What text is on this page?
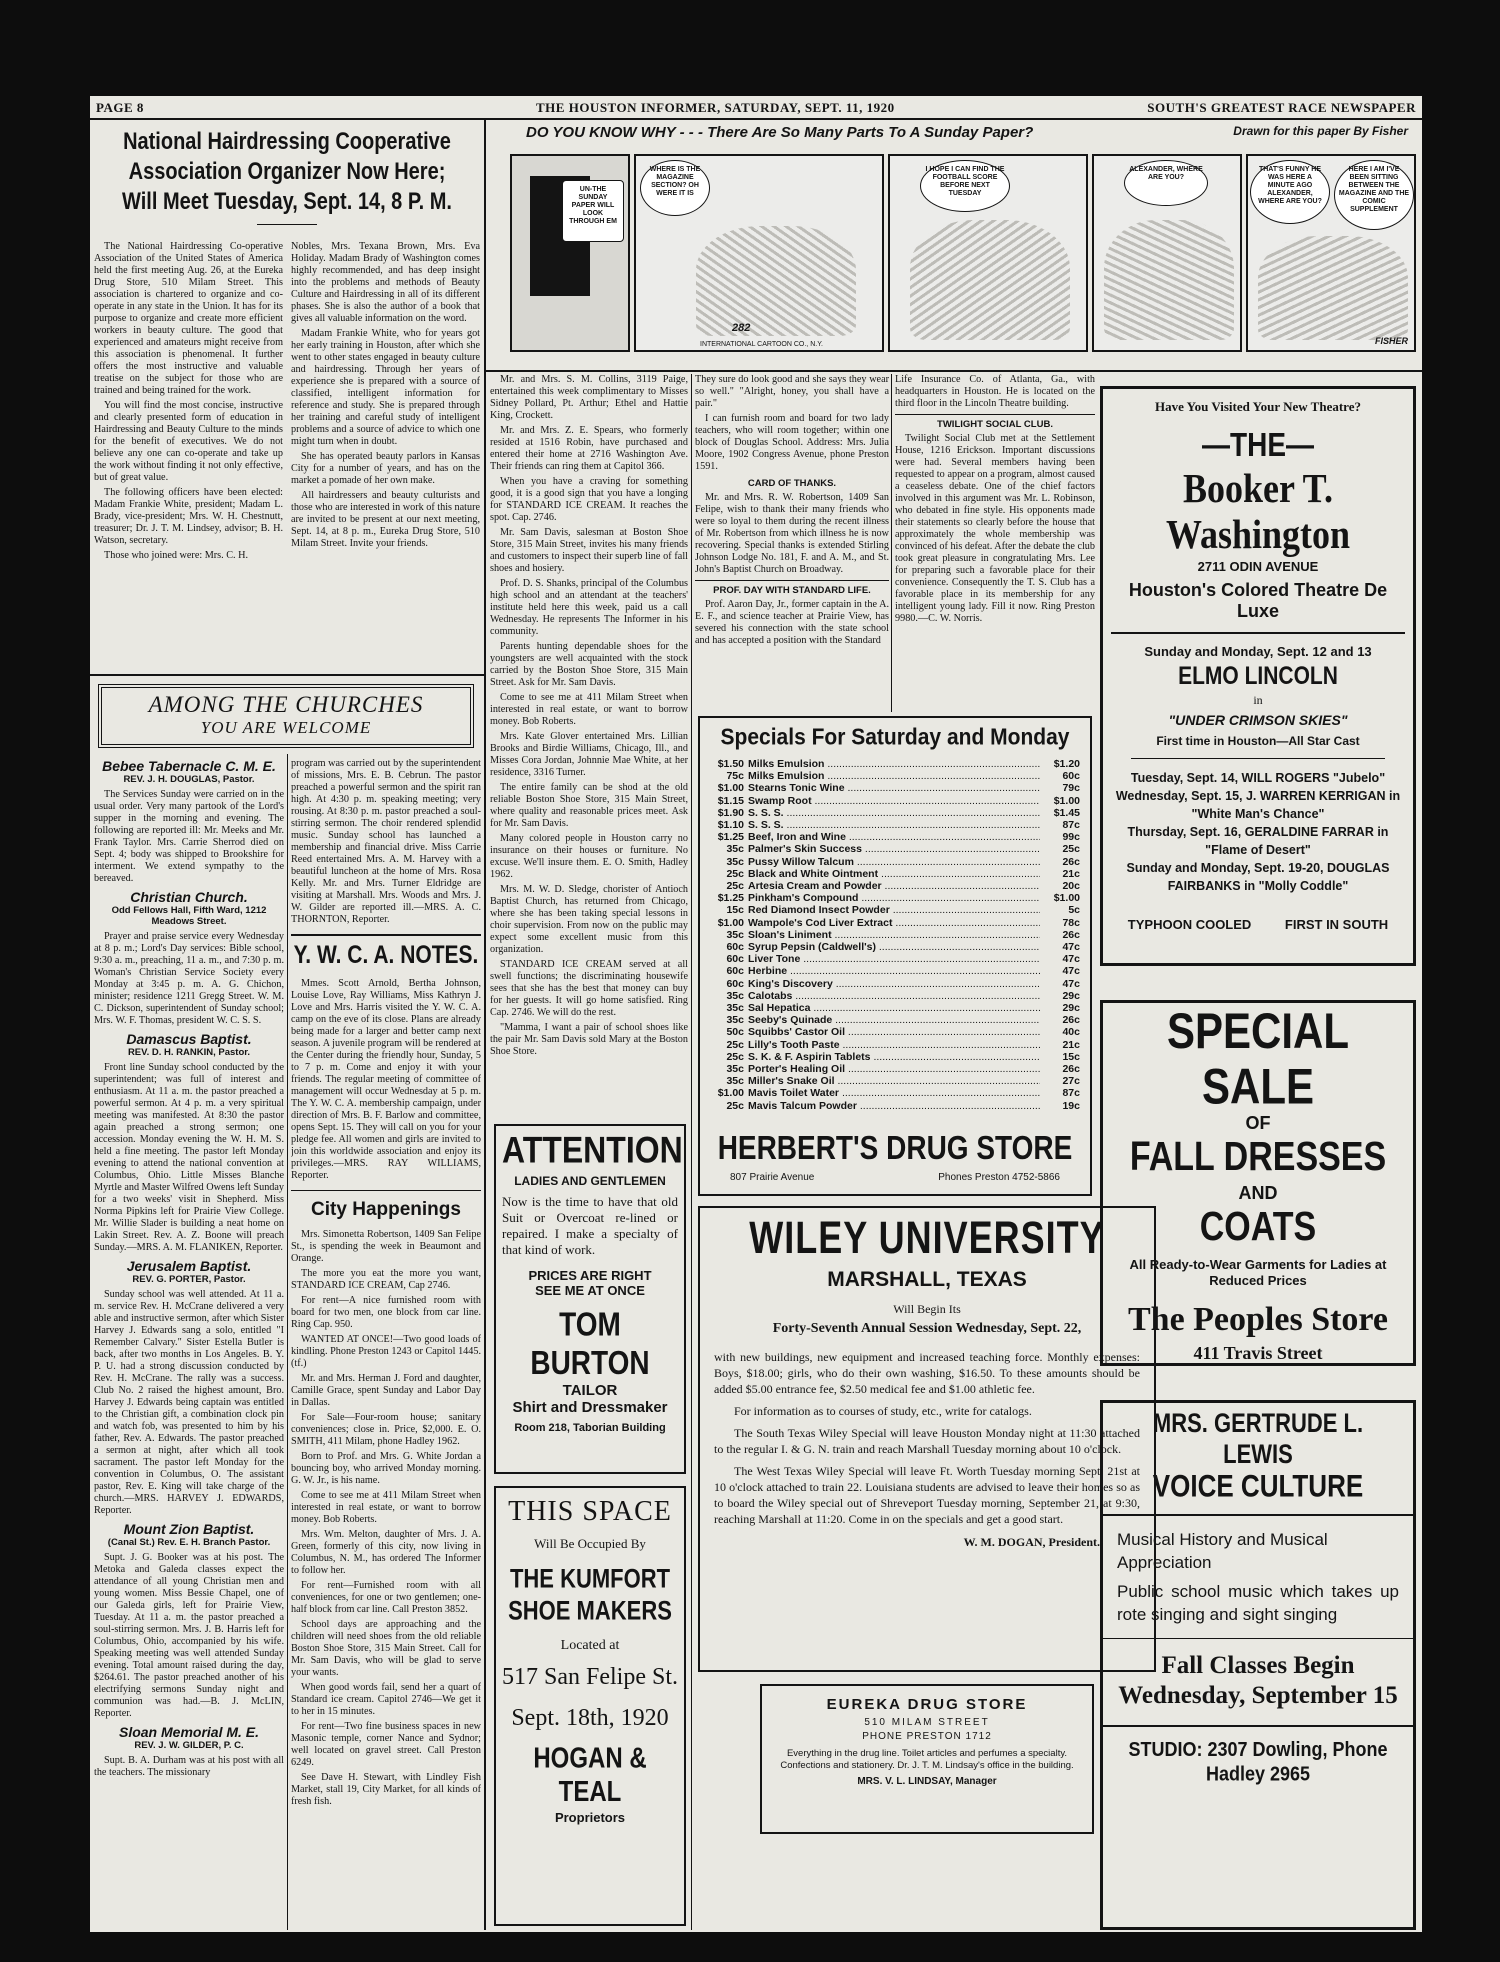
PAGE 8	THE HOUSTON INFORMER, SATURDAY, SEPT. 11, 1920	SOUTH'S GREATEST RACE NEWSPAPER
National Hairdressing Cooperative
Association Organizer Now Here;
Will Meet Tuesday, Sept. 14, 8 P. M.

The National Hairdressing Co-operative Association of the United States of America held the first meeting Aug. 26, at the Eureka Drug Store, 510 Milam Street. This association is chartered to organize and co-operate in any state in the Union. It has for its purpose to organize and create more efficient workers in beauty culture. The good that experienced and amateurs might receive from this association is phenomenal. It further offers the most instructive and valuable treatise on the subject for those who are trained and being trained for the work.

You will find the most concise, instructive and clearly presented form of education in Hairdressing and Beauty Culture to the minds for the benefit of executives. We do not believe any one can co-operate and take up the work without finding it not only effective, but of great value.

The following officers have been elected: Madam Frankie White, president; Madam L. Brady, vice-president; Mrs. W. H. Chestnutt, treasurer; Dr. J. T. M. Lindsey, advisor; B. H. Watson, secretary.

Those who joined were: Mrs. C. H.

Nobles, Mrs. Texana Brown, Mrs. Eva Holiday. Madam Brady of Washington comes highly recommended, and has deep insight into the problems and methods of Beauty Culture and Hairdressing in all of its different phases. She is also the author of a book that gives all valuable information on the word.

Madam Frankie White, who for years got her early training in Houston, after which she went to other states engaged in beauty culture and hairdressing. Through her years of experience she is prepared with a source of classified, intelligent information for reference and study. She is prepared through her training and careful study of intelligent problems and a source of advice to which one might turn when in doubt.

She has operated beauty parlors in Kansas City for a number of years, and has on the market a pomade of her own make.

All hairdressers and beauty culturists and those who are interested in work of this nature are invited to be present at our next meeting, Sept. 14, at 8 p. m., Eureka Drug Store, 510 Milam Street. Invite your friends.

AMONG THE CHURCHES
YOU ARE WELCOME
Bebee Tabernacle C. M. E.
REV. J. H. DOUGLAS, Pastor.

The Services Sunday were carried on in the usual order. Very many partook of the Lord's supper in the morning and evening. The following are reported ill: Mr. Meeks and Mr. Frank Taylor. Mrs. Carrie Sherrod died on Sept. 4; body was shipped to Brookshire for interment. We extend sympathy to the bereaved.

Christian Church.
Odd Fellows Hall, Fifth Ward, 1212 Meadows Street.

Prayer and praise service every Wednesday at 8 p. m.; Lord's Day services: Bible school, 9:30 a. m., preaching, 11 a. m., and 7:30 p. m. Woman's Christian Service Society every Monday at 3:45 p. m. A. G. Chichon, minister; residence 1211 Gregg Street. W. M. C. Dickson, superintendent of Sunday school; Mrs. W. F. Thomas, president W. C. S. S.

Damascus Baptist.
REV. D. H. RANKIN, Pastor.

Front line Sunday school conducted by the superintendent; was full of interest and enthusiasm. At 11 a. m. the pastor preached a powerful sermon. At 4 p. m. a very spiritual meeting was manifested. At 8:30 the pastor again preached a strong sermon; one accession. Monday evening the W. H. M. S. held a fine meeting. The pastor left Monday evening to attend the national convention at Columbus, Ohio. Little Misses Blanche Myrtle and Master Wilfred Owens left Sunday for a two weeks' visit in Shepherd. Miss Norma Pipkins left for Prairie View College. Mr. Willie Slader is building a neat home on Lakin Street. Rev. A. Z. Boone will preach Sunday.—MRS. A. M. FLANIKEN, Reporter.

Jerusalem Baptist.
REV. G. PORTER, Pastor.

Sunday school was well attended. At 11 a. m. service Rev. H. McCrane delivered a very able and instructive sermon, after which Sister Harvey J. Edwards sang a solo, entitled "I Remember Calvary." Sister Estella Butler is back, after two months in Los Angeles. B. Y. P. U. had a strong discussion conducted by Rev. H. McCrane. The rally was a success. Club No. 2 raised the highest amount, Bro. Harvey J. Edwards being captain was entitled to the Christian gift, a combination clock pin and watch fob, was presented to him by his father, Rev. A. Edwards. The pastor preached a sermon at night, after which all took sacrament. The pastor left Monday for the convention in Columbus, O. The assistant pastor, Rev. E. King will take charge of the church.—MRS. HARVEY J. EDWARDS, Reporter.

Mount Zion Baptist.
(Canal St.) Rev. E. H. Branch Pastor.

Supt. J. G. Booker was at his post. The Metoka and Galeda classes expect the attendance of all young Christian men and young women. Miss Bessie Chapel, one of our Galeda girls, left for Prairie View, Tuesday. At 11 a. m. the pastor preached a soul-stirring sermon. Mrs. J. B. Harris left for Columbus, Ohio, accompanied by his wife. Speaking meeting was well attended Sunday evening. Total amount raised during the day, $264.61. The pastor preached another of his electrifying sermons Sunday night and communion was had.—B. J. McLIN, Reporter.

Sloan Memorial M. E.
REV. J. W. GILDER, P. C.

Supt. B. A. Durham was at his post with all the teachers. The missionary

program was carried out by the superintendent of missions, Mrs. E. B. Cebrun. The pastor preached a powerful sermon and the spirit ran high. At 4:30 p. m. speaking meeting; very rousing. At 8:30 p. m. pastor preached a soul-stirring sermon. The choir rendered splendid music. Sunday school has launched a membership and financial drive. Miss Carrie Reed entertained Mrs. A. M. Harvey with a beautiful luncheon at the home of Mrs. Rosa Kelly. Mr. and Mrs. Turner Eldridge are visiting at Marshall. Mrs. Woods and Mrs. J. W. Gilder are reported ill.—MRS. A. C. THORNTON, Reporter.

Y. W. C. A. NOTES.

Mmes. Scott Arnold, Bertha Johnson, Louise Love, Ray Williams, Miss Kathryn J. Love and Mrs. Harris visited the Y. W. C. A. camp on the eve of its close. Plans are already being made for a larger and better camp next season. A juvenile program will be rendered at the Center during the friendly hour, Sunday, 5 to 7 p. m. Come and enjoy it with your friends. The regular meeting of committee of management will occur Wednesday at 5 p. m. The Y. W. C. A. membership campaign, under direction of Mrs. B. F. Barlow and committee, opens Sept. 15. They will call on you for your pledge fee. All women and girls are invited to join this worldwide association and enjoy its privileges.—MRS. RAY WILLIAMS, Reporter.

City Happenings

Mrs. Simonetta Robertson, 1409 San Felipe St., is spending the week in Beaumont and Orange.

The more you eat the more you want, STANDARD ICE CREAM, Cap 2746.

For rent—A nice furnished room with board for two men, one block from car line. Ring Cap. 950.

WANTED AT ONCE!—Two good loads of kindling. Phone Preston 1243 or Capitol 1445. (tf.)

Mr. and Mrs. Herman J. Ford and daughter, Camille Grace, spent Sunday and Labor Day in Dallas.

For Sale—Four-room house; sanitary conveniences; close in. Price, $2,000. E. O. SMITH, 411 Milam, phone Hadley 1962.

Born to Prof. and Mrs. G. White Jordan a bouncing boy, who arrived Monday morning. G. W. Jr., is his name.

Come to see me at 411 Milam Street when interested in real estate, or want to borrow money. Bob Roberts.

Mrs. Wm. Melton, daughter of Mrs. J. A. Green, formerly of this city, now living in Columbus, N. M., has ordered The Informer to follow her.

For rent—Furnished room with all conveniences, for one or two gentlemen; one-half block from car line. Call Preston 3852.

School days are approaching and the children will need shoes from the old reliable Boston Shoe Store, 315 Main Street. Call for Mr. Sam Davis, who will be glad to serve your wants.

When good words fail, send her a quart of Standard ice cream. Capitol 2746—We get it to her in 15 minutes.

For rent—Two fine business spaces in new Masonic temple, corner Nance and Sydnor; well located on gravel street. Call Preston 6249.

See Dave H. Stewart, with Lindley Fish Market, stall 19, City Market, for all kinds of fresh fish.

DO YOU KNOW WHY - - - There Are So Many Parts To A Sunday Paper?	Drawn for this paper By Fisher
UN-THE SUNDAY PAPER WILL LOOK THROUGH EM
WHERE IS THE MAGAZINE SECTION? OH WERE IT IS
282
INTERNATIONAL CARTOON CO., N.Y.
I HOPE I CAN FIND THE FOOTBALL SCORE BEFORE NEXT TUESDAY
ALEXANDER, WHERE ARE YOU?
THAT'S FUNNY HE WAS HERE A MINUTE AGO ALEXANDER, WHERE ARE YOU?
HERE I AM I'VE BEEN SITTING BETWEEN THE MAGAZINE AND THE COMIC SUPPLEMENT
FISHER

Mr. and Mrs. S. M. Collins, 3119 Paige, entertained this week complimentary to Misses Sidney Pollard, Pt. Arthur; Ethel and Hattie King, Crockett.

Mr. and Mrs. Z. E. Spears, who formerly resided at 1516 Robin, have purchased and entered their home at 2716 Washington Ave. Their friends can ring them at Capitol 366.

When you have a craving for something good, it is a good sign that you have a longing for STANDARD ICE CREAM. It reaches the spot. Cap. 2746.

Mr. Sam Davis, salesman at Boston Shoe Store, 315 Main Street, invites his many friends and customers to inspect their superb line of fall shoes and hosiery.

Prof. D. S. Shanks, principal of the Columbus high school and an attendant at the teachers' institute held here this week, paid us a call Wednesday. He represents The Informer in his community.

Parents hunting dependable shoes for the youngsters are well acquainted with the stock carried by the Boston Shoe Store, 315 Main Street. Ask for Mr. Sam Davis.

Come to see me at 411 Milam Street when interested in real estate, or want to borrow money. Bob Roberts.

Mrs. Kate Glover entertained Mrs. Lillian Brooks and Birdie Williams, Chicago, Ill., and Misses Cora Jordan, Johnnie Mae White, at her residence, 3316 Turner.

The entire family can be shod at the old reliable Boston Shoe Store, 315 Main Street, where quality and reasonable prices meet. Ask for Mr. Sam Davis.

Many colored people in Houston carry no insurance on their houses or furniture. No excuse. We'll insure them. E. O. Smith, Hadley 1962.

Mrs. M. W. D. Sledge, chorister of Antioch Baptist Church, has returned from Chicago, where she has been taking special lessons in choir supervision. From now on the public may expect some excellent music from this organization.

STANDARD ICE CREAM served at all swell functions; the discriminating housewife sees that she has the best that money can buy for her guests. It will go home satisfied. Ring Cap. 2746. We will do the rest.

"Mamma, I want a pair of school shoes like the pair Mr. Sam Davis sold Mary at the Boston Shoe Store.

They sure do look good and she says they wear so well." "Alright, honey, you shall have a pair."

I can furnish room and board for two lady teachers, who will room together; within one block of Douglas School. Address: Mrs. Julia Moore, 1902 Congress Avenue, phone Preston 1591.

CARD OF THANKS.

Mr. and Mrs. R. W. Robertson, 1409 San Felipe, wish to thank their many friends who were so loyal to them during the recent illness of Mr. Robertson from which illness he is now recovering. Special thanks is extended Stirling Johnson Lodge No. 181, F. and A. M., and St. John's Baptist Church on Broadway.

PROF. DAY WITH STANDARD LIFE.

Prof. Aaron Day, Jr., former captain in the A. E. F., and science teacher at Prairie View, has severed his connection with the state school and has accepted a position with the Standard

Life Insurance Co. of Atlanta, Ga., with headquarters in Houston. He is located on the third floor in the Lincoln Theatre building.

TWILIGHT SOCIAL CLUB.

Twilight Social Club met at the Settlement House, 1216 Erickson. Important discussions were had. Several members having been requested to appear on a program, almost caused a ceaseless debate. One of the chief factors involved in this argument was Mr. L. Robinson, who debated in fine style. His opponents made their statements so clearly before the house that approximately the whole membership was convinced of his defeat. After the debate the club took great pleasure in congratulating Mrs. Lee for preparing such a favorable place for their convenience. Consequently the T. S. Club has a favorable place in its membership for any intelligent young lady. Fill it now. Ring Preston 9980.—C. W. Norris.

ATTENTION
LADIES AND GENTLEMEN
Now is the time to have that old Suit or Overcoat re-lined or repaired. I make a specialty of that kind of work.
PRICES ARE RIGHT
SEE ME AT ONCE
TOM BURTON
TAILOR
Shirt and Dressmaker
Room 218, Taborian Building
THIS SPACE
Will Be Occupied By
THE KUMFORT
SHOE MAKERS
Located at
517 San Felipe St.
Sept. 18th, 1920
HOGAN & TEAL
Proprietors
Specials For Saturday and Monday
$1.50 Milks Emulsion .....	$1.20
75c Milks Emulsion .....	60c
$1.00 Stearns Tonic Wine .....	79c
$1.15 Swamp Root .....	$1.00
$1.90 S. S. S. .....	$1.45
$1.10 S. S. S. .....	87c
$1.25 Beef, Iron and Wine .....	99c
35c Palmer's Skin Success .....	25c
35c Pussy Willow Talcum .....	26c
25c Black and White Ointment .....	21c
25c Artesia Cream and Powder .....	20c
$1.25 Pinkham's Compound .....	$1.00
15c Red Diamond Insect Powder .....	5c
$1.00 Wampole's Cod Liver Extract .....	78c
35c Sloan's Liniment .....	26c
60c Syrup Pepsin (Caldwell's) .....	47c
60c Liver Tone .....	47c
60c Herbine .....	47c
60c King's Discovery .....	47c
35c Calotabs .....	29c
35c Sal Hepatica .....	29c
35c Seeby's Quinade .....	26c
50c Squibbs' Castor Oil .....	40c
25c Lilly's Tooth Paste .....	21c
25c S. K. & F. Aspirin Tablets .....	15c
35c Porter's Healing Oil .....	26c
35c Miller's Snake Oil .....	27c
$1.00 Mavis Toilet Water .....	87c
25c Mavis Talcum Powder .....	19c
HERBERT'S DRUG STORE
807 Prairie Avenue	Phones Preston 4752-5866
WILEY UNIVERSITY
MARSHALL, TEXAS
Will Begin Its
Forty-Seventh Annual Session Wednesday, Sept. 22,

with new buildings, new equipment and increased teaching force. Monthly expenses: Boys, $18.00; girls, who do their own washing, $16.50. To these amounts should be added $5.00 entrance fee, $2.50 medical fee and $1.00 athletic fee.

For information as to courses of study, etc., write for catalogs.

The South Texas Wiley Special will leave Houston Monday night at 11:30 attached to the regular I. & G. N. train and reach Marshall Tuesday morning about 10 o'clock.

The West Texas Wiley Special will leave Ft. Worth Tuesday morning Sept. 21st at 10 o'clock attached to train 22. Louisiana students are advised to leave their homes so as to board the Wiley special out of Shreveport Tuesday morning, September 21, at 9:30, reaching Marshall at 11:20. Come in on the specials and get a good start.

W. M. DOGAN, President.
EUREKA DRUG STORE
510 MILAM STREET
PHONE PRESTON 1712
Everything in the drug line. Toilet articles and perfumes a specialty. Confections and stationery. Dr. J. T. M. Lindsay's office in the building.
MRS. V. L. LINDSAY, Manager
Have You Visited Your New Theatre?
—THE—
Booker T. Washington
2711 ODIN AVENUE
Houston's Colored Theatre De Luxe
Sunday and Monday, Sept. 12 and 13
ELMO LINCOLN
in
"UNDER CRIMSON SKIES"
First time in Houston—All Star Cast
Tuesday, Sept. 14, WILL ROGERS "Jubelo"
Wednesday, Sept. 15, J. WARREN KERRIGAN in "White Man's Chance"
Thursday, Sept. 16, GERALDINE FARRAR in "Flame of Desert"
Sunday and Monday, Sept. 19-20, DOUGLAS FAIRBANKS in "Molly Coddle"
TYPHOON COOLED	FIRST IN SOUTH
SPECIAL SALE
OF
FALL DRESSES
AND
COATS
All Ready-to-Wear Garments for Ladies at Reduced Prices
The Peoples Store
411 Travis Street
MRS. GERTRUDE L. LEWIS
VOICE CULTURE

Musical History and Musical Appreciation

Public school music which takes up rote singing and sight singing

Fall Classes Begin Wednesday, September 15
STUDIO: 2307 Dowling, Phone Hadley 2965
